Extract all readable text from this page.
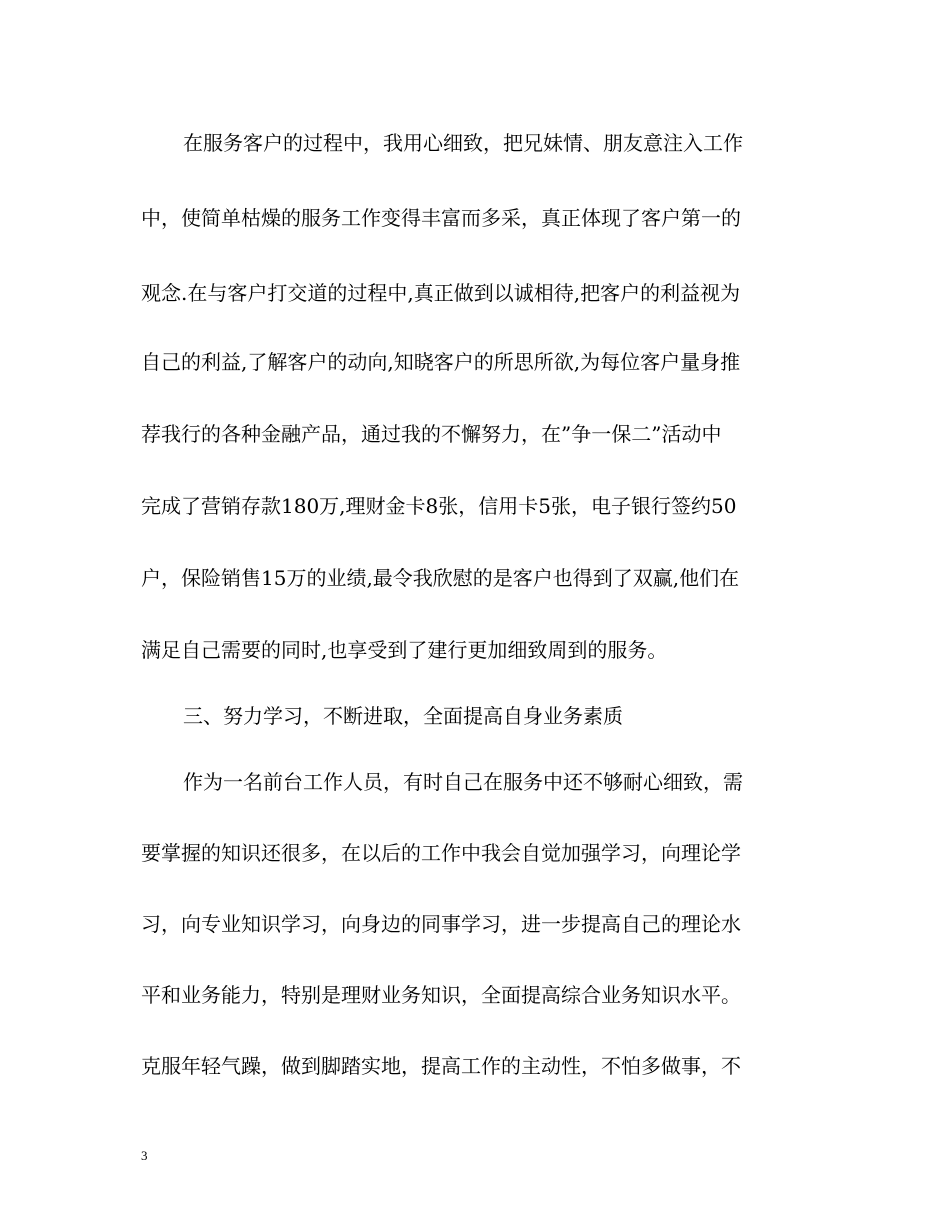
在服务客户的过程中，我用心细致，把兄妹情、朋友意注入工作
中，使简单枯燥的服务工作变得丰富而多采，真正体现了客户第一的
观念.在与客户打交道的过程中,真正做到以诚相待,把客户的利益视为
自己的利益,了解客户的动向,知晓客户的所思所欲,为每位客户量身推
荐我行的各种金融产品，通过我的不懈努力，在”争一保二”活动中
完成了营销存款180万,理财金卡8张，信用卡5张，电子银行签约50
户，保险销售15万的业绩,最令我欣慰的是客户也得到了双赢,他们在
满足自己需要的同时,也享受到了建行更加细致周到的服务。
三、努力学习，不断进取，全面提高自身业务素质
作为一名前台工作人员，有时自己在服务中还不够耐心细致，需
要掌握的知识还很多，在以后的工作中我会自觉加强学习，向理论学
习，向专业知识学习，向身边的同事学习，进一步提高自己的理论水
平和业务能力，特别是理财业务知识，全面提高综合业务知识水平。
克服年轻气躁，做到脚踏实地，提高工作的主动性，不怕多做事，不
3
